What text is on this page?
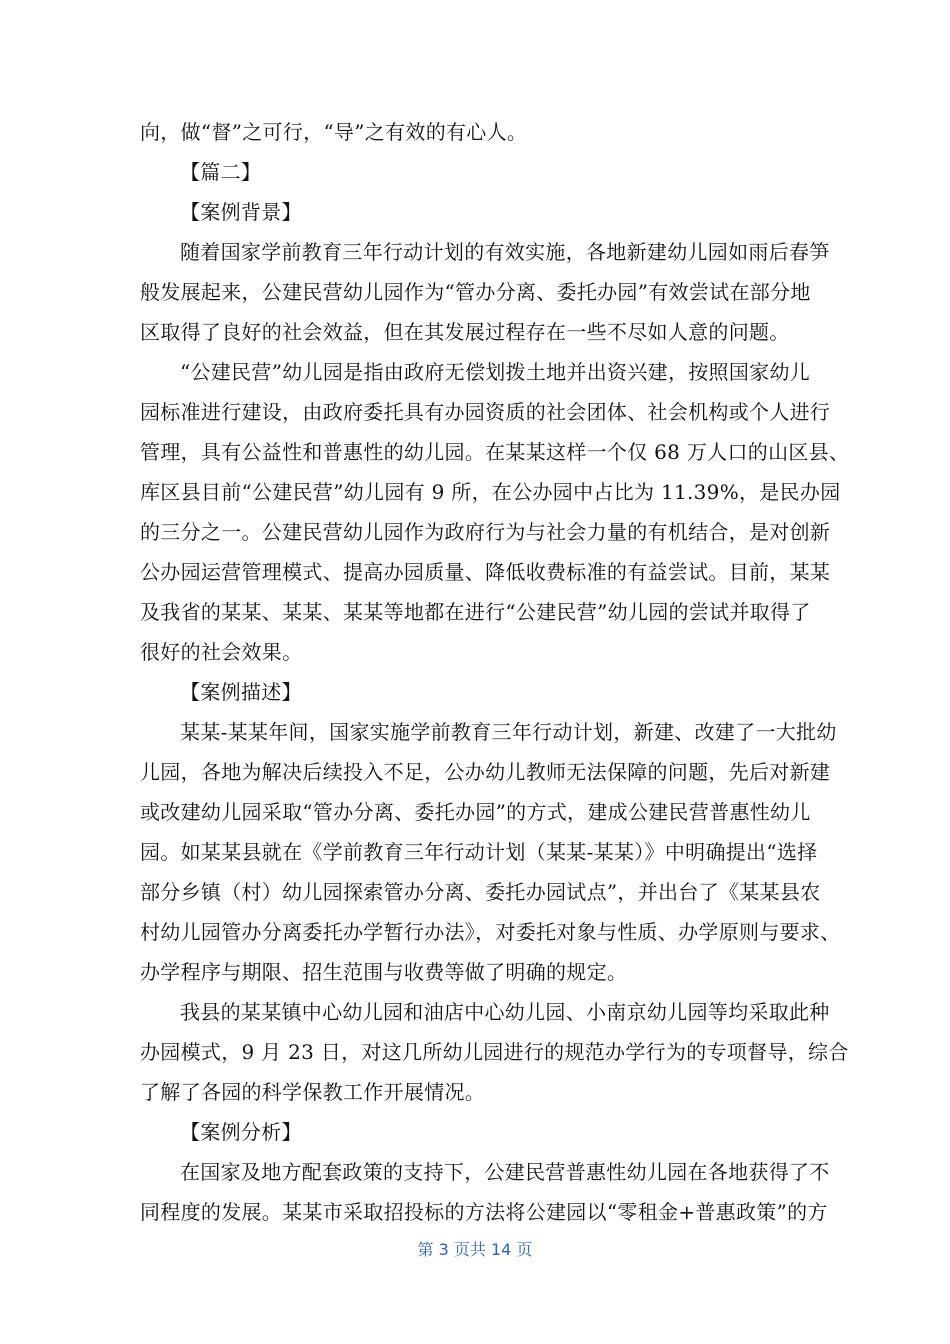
向，做“督”之可行，“导”之有效的有心人。
【篇二】
【案例背景】
随着国家学前教育三年行动计划的有效实施，各地新建幼儿园如雨后春笋
般发展起来，公建民营幼儿园作为“管办分离、委托办园”有效尝试在部分地
区取得了良好的社会效益，但在其发展过程存在一些不尽如人意的问题。
“公建民营”幼儿园是指由政府无偿划拨土地并出资兴建，按照国家幼儿
园标准进行建设，由政府委托具有办园资质的社会团体、社会机构或个人进行
管理，具有公益性和普惠性的幼儿园。在某某这样一个仅 68 万人口的山区县、
库区县目前“公建民营”幼儿园有 9 所，在公办园中占比为 11.39%，是民办园
的三分之一。公建民营幼儿园作为政府行为与社会力量的有机结合，是对创新
公办园运营管理模式、提高办园质量、降低收费标准的有益尝试。目前，某某
及我省的某某、某某、某某等地都在进行“公建民营”幼儿园的尝试并取得了
很好的社会效果。
【案例描述】
某某-某某年间，国家实施学前教育三年行动计划，新建、改建了一大批幼
儿园，各地为解决后续投入不足，公办幼儿教师无法保障的问题，先后对新建
或改建幼儿园采取“管办分离、委托办园”的方式，建成公建民营普惠性幼儿
园。如某某县就在《学前教育三年行动计划（某某-某某）》中明确提出“选择
部分乡镇（村）幼儿园探索管办分离、委托办园试点”，并出台了《某某县农
村幼儿园管办分离委托办学暂行办法》，对委托对象与性质、办学原则与要求、
办学程序与期限、招生范围与收费等做了明确的规定。
我县的某某镇中心幼儿园和油店中心幼儿园、小南京幼儿园等均采取此种
办园模式，9 月 23 日，对这几所幼儿园进行的规范办学行为的专项督导，综合
了解了各园的科学保教工作开展情况。
【案例分析】
在国家及地方配套政策的支持下，公建民营普惠性幼儿园在各地获得了不
同程度的发展。某某市采取招投标的方法将公建园以“零租金+普惠政策”的方
第 3 页共 14 页
